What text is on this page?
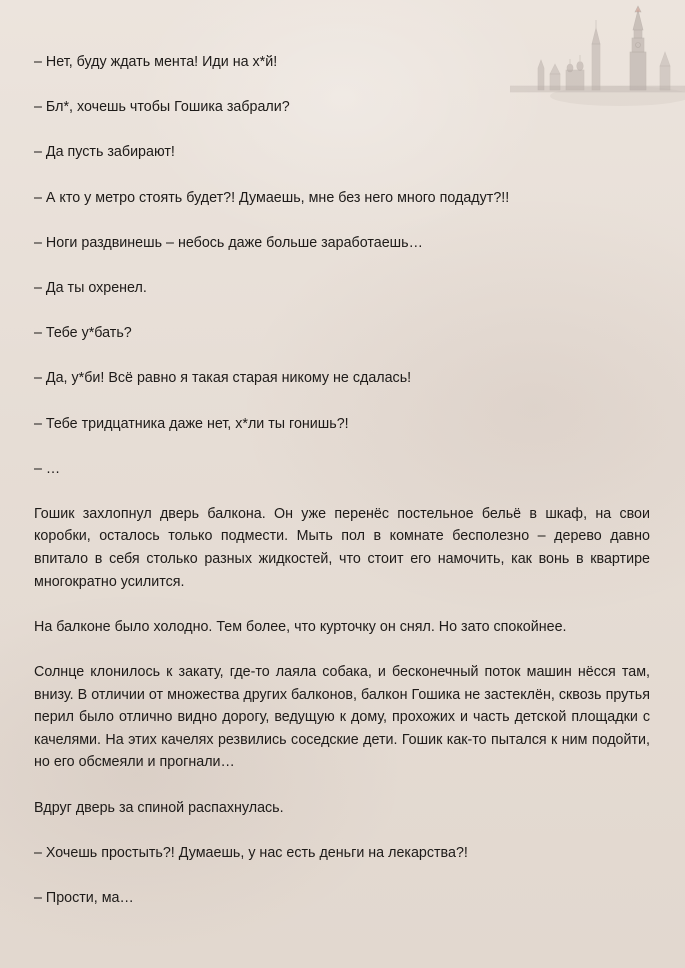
– Нет, буду ждать мента! Иди на х*й!

– Бл*, хочешь чтобы Гошика забрали?

– Да пусть забирают!

– А кто у метро стоять будет?! Думаешь, мне без него много подадут?!!

– Ноги раздвинешь – небось даже больше заработаешь…

– Да ты охренел.

– Тебе у*бать?

– Да, у*би! Всё равно я такая старая никому не сдалась!

– Тебе тридцатника даже нет, х*ли ты гонишь?!

– …

Гошик захлопнул дверь балкона. Он уже перенёс постельное бельё в шкаф, на свои коробки, осталось только подмести. Мыть пол в комнате бесполезно – дерево давно впитало в себя столько разных жидкостей, что стоит его намочить, как вонь в квартире многократно усилится.

На балконе было холодно. Тем более, что курточку он снял. Но зато спокойнее.

Солнце клонилось к закату, где-то лаяла собака, и бесконечный поток машин нёсся там, внизу. В отличии от множества других балконов, балкон Гошика не застеклён, сквозь прутья перил было отлично видно дорогу, ведущую к дому, прохожих и часть детской площадки с качелями. На этих качелях резвились соседские дети. Гошик как-то пытался к ним подойти, но его обсмеяли и прогнали…

Вдруг дверь за спиной распахнулась.

– Хочешь простыть?! Думаешь, у нас есть деньги на лекарства?!

– Прости, ма…
